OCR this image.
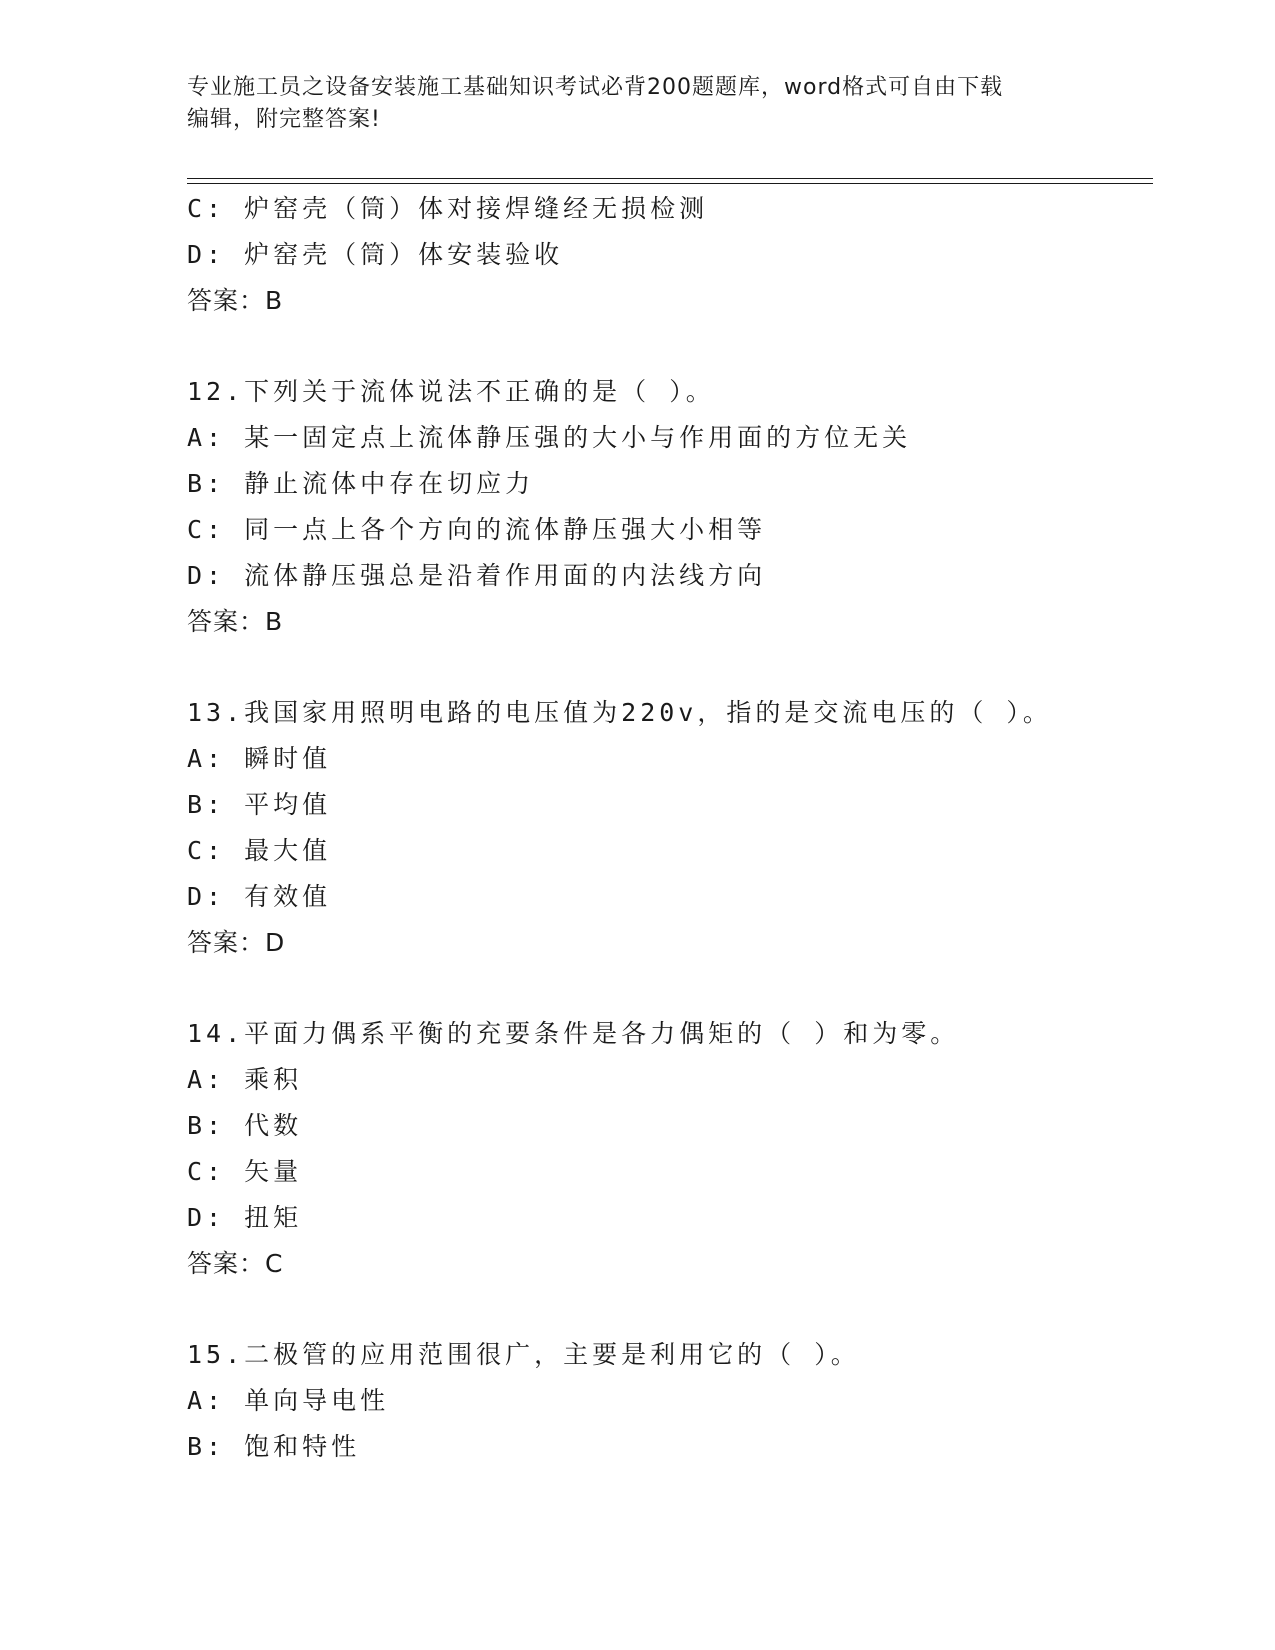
专业施工员之设备安装施工基础知识考试必背200题题库，word格式可自由下载
编辑，附完整答案!
C: 炉窑壳（筒）体对接焊缝经无损检测
D: 炉窑壳（筒）体安装验收
答案：B
12.下列关于流体说法不正确的是（ ）。
A: 某一固定点上流体静压强的大小与作用面的方位无关
B: 静止流体中存在切应力
C: 同一点上各个方向的流体静压强大小相等
D: 流体静压强总是沿着作用面的内法线方向
答案：B
13.我国家用照明电路的电压值为220v，指的是交流电压的（ ）。
A: 瞬时值
B: 平均值
C: 最大值
D: 有效值
答案：D
14.平面力偶系平衡的充要条件是各力偶矩的（ ）和为零。
A: 乘积
B: 代数
C: 矢量
D: 扭矩
答案：C
15.二极管的应用范围很广，主要是利用它的（ ）。
A: 单向导电性
B: 饱和特性
